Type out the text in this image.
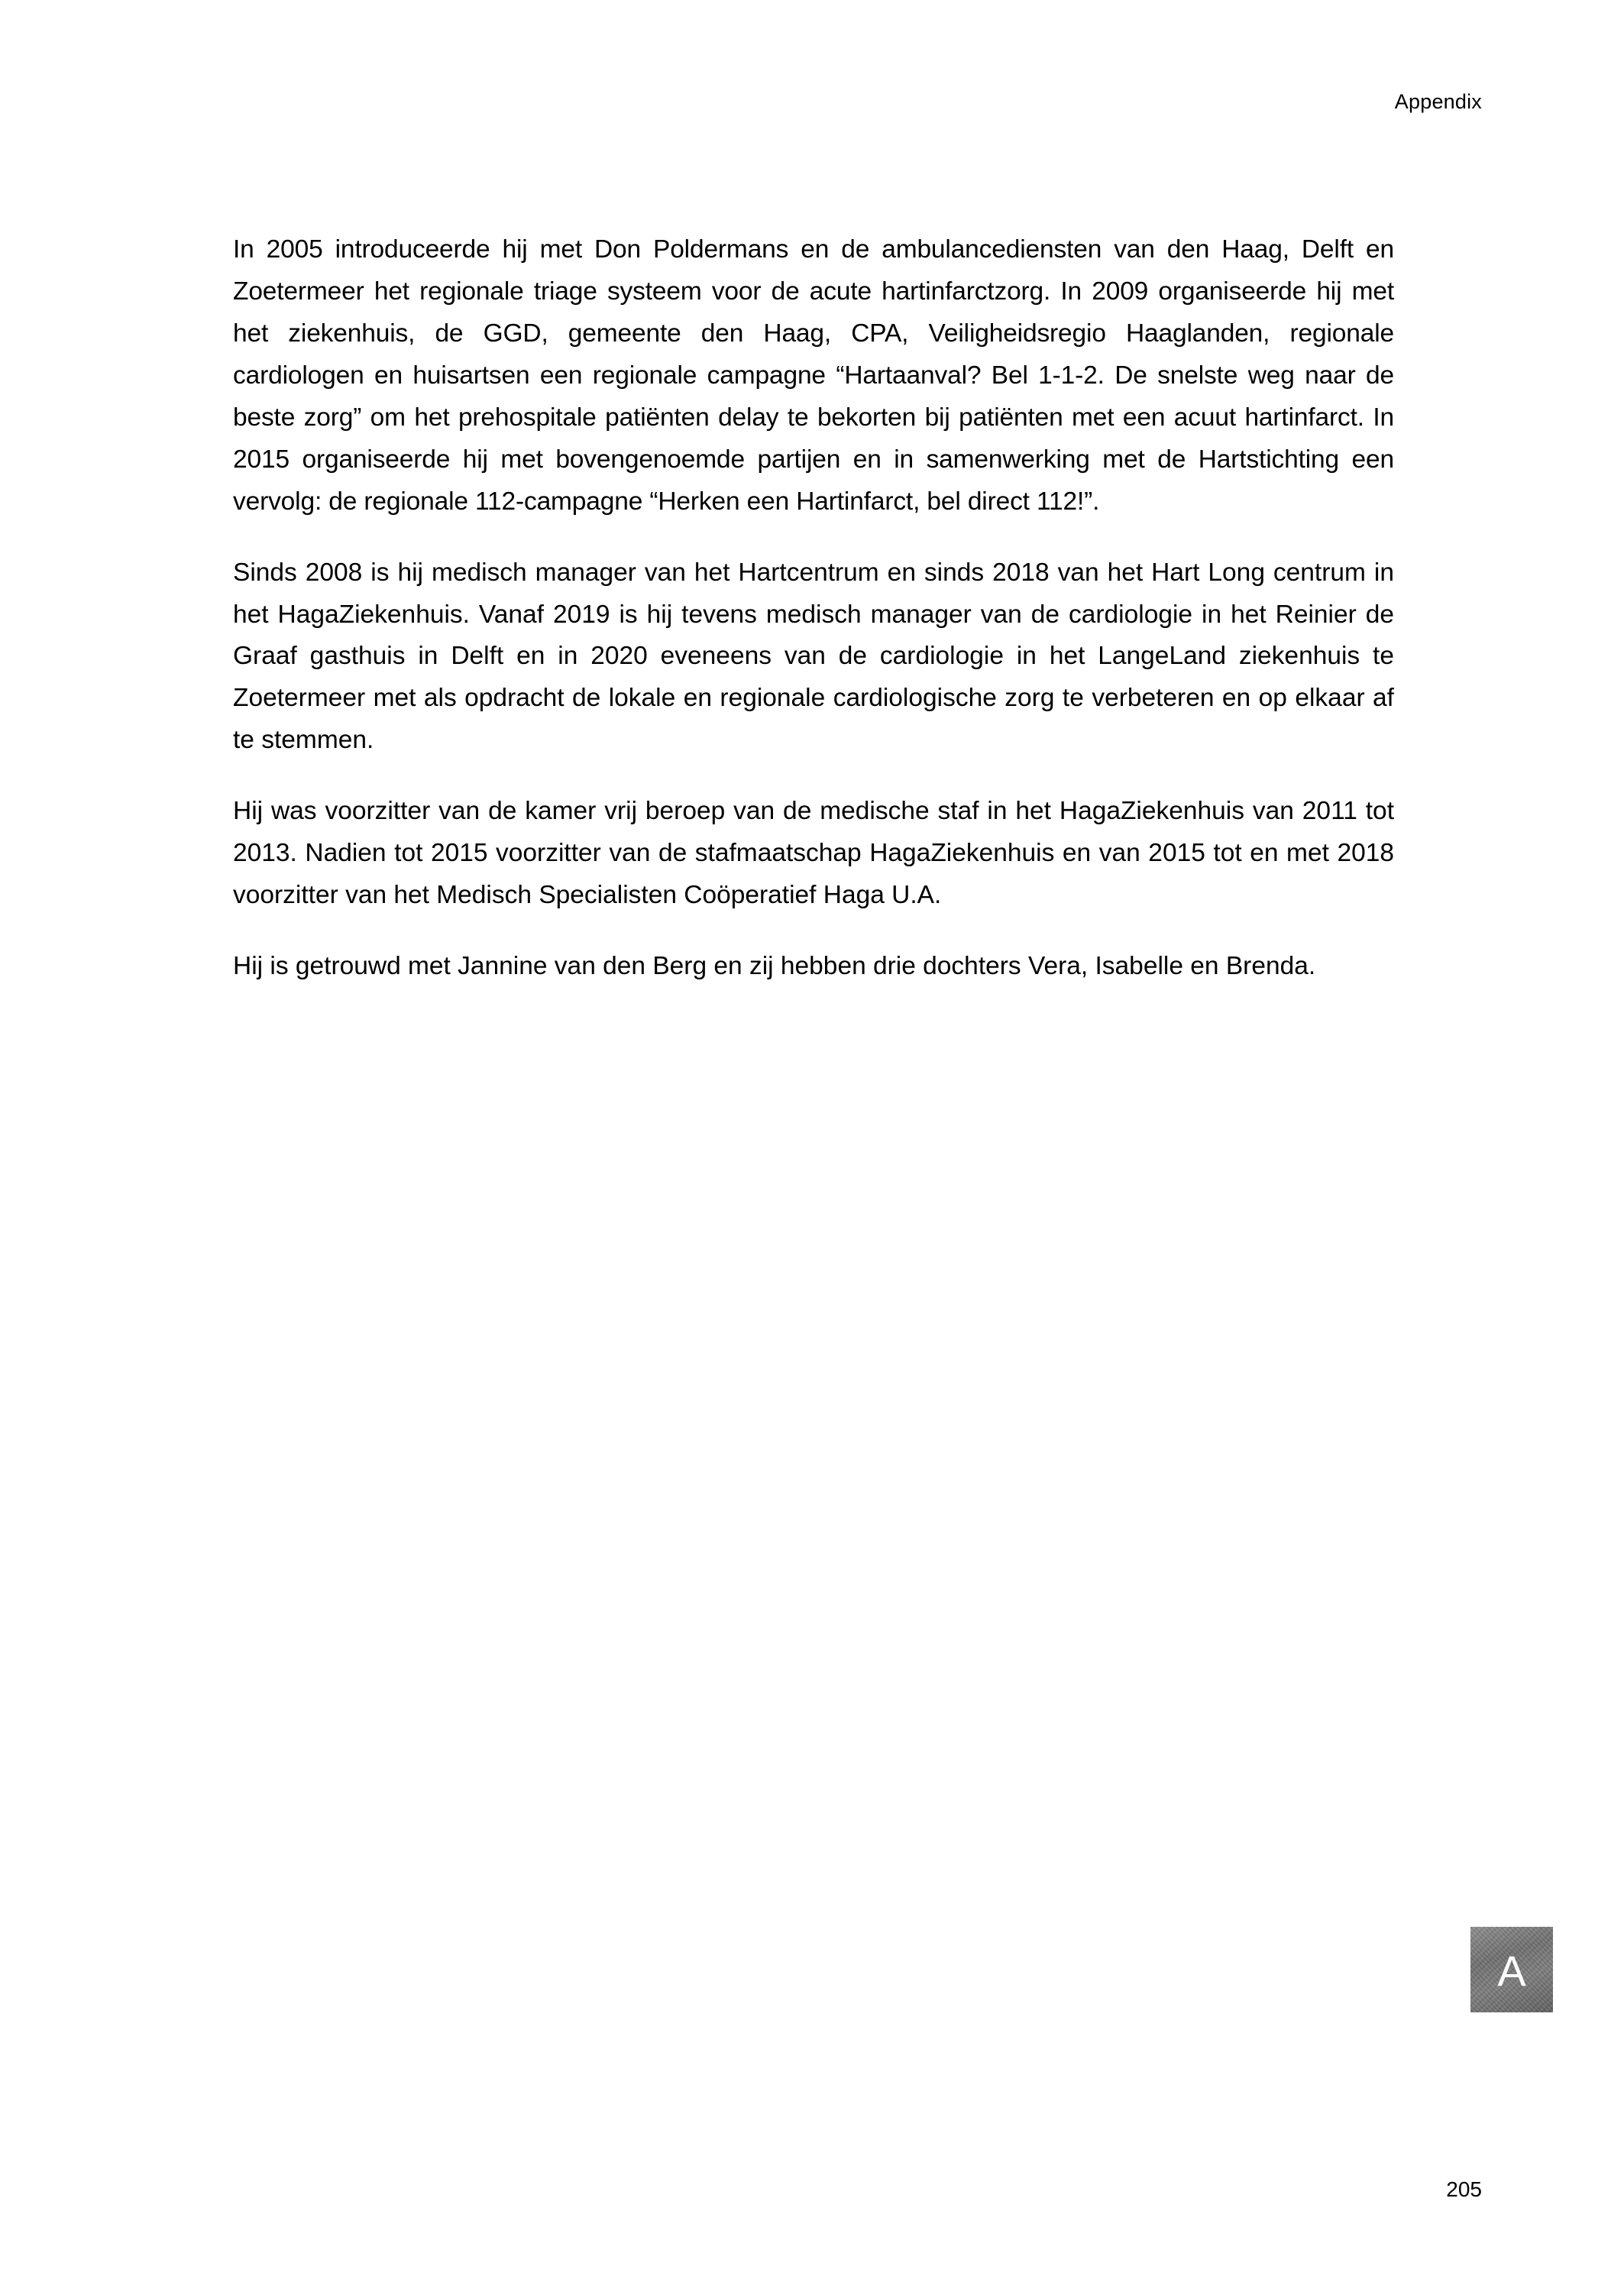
Appendix

In 2005 introduceerde hij met Don Poldermans en de ambulancediensten van den Haag, Delft en Zoetermeer het regionale triage systeem voor de acute hartinfarctzorg. In 2009 organiseerde hij met het ziekenhuis, de GGD, gemeente den Haag, CPA, Veiligheidsregio Haaglanden, regionale cardiologen en huisartsen een regionale campagne “Hartaanval? Bel 1-1-2. De snelste weg naar de beste zorg” om het prehospitale patiënten delay te bekorten bij patiënten met een acuut hartinfarct. In 2015 organiseerde hij met bovengenoemde partijen en in samenwerking met de Hartstichting een vervolg: de regionale 112-campagne “Herken een Hartinfarct, bel direct 112!”.

Sinds 2008 is hij medisch manager van het Hartcentrum en sinds 2018 van het Hart Long centrum in het HagaZiekenhuis. Vanaf 2019 is hij tevens medisch manager van de cardiologie in het Reinier de Graaf gasthuis in Delft en in 2020 eveneens van de cardiologie in het LangeLand ziekenhuis te Zoetermeer met als opdracht de lokale en regionale cardiologische zorg te verbeteren en op elkaar af te stemmen.

Hij was voorzitter van de kamer vrij beroep van de medische staf in het HagaZiekenhuis van 2011 tot 2013. Nadien tot 2015 voorzitter van de stafmaatschap HagaZiekenhuis en van 2015 tot en met 2018 voorzitter van het Medisch Specialisten Coöperatief Haga U.A.

Hij is getrouwd met Jannine van den Berg en zij hebben drie dochters Vera, Isabelle en Brenda.

A
205
